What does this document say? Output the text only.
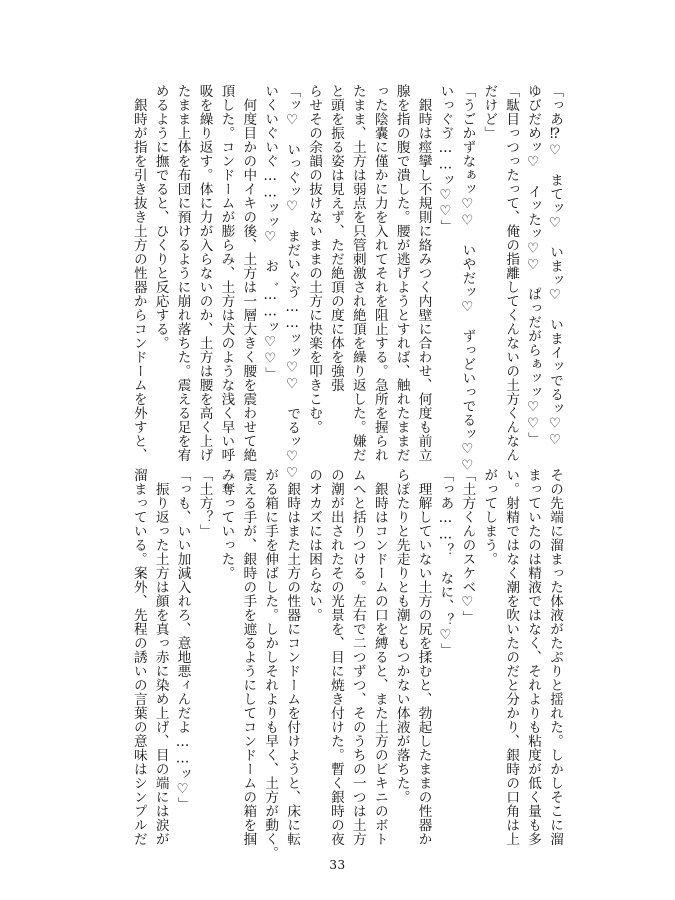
「っあ⁉︎♡　まてッ♡　いまッ♡　いまイッでるッ♡♡

ゆびだめッ♡　イッたッ♡♡　ぱっだがらぁッッ♡♡」

「駄目っつったって、俺の指離してくんないの土方くんなん

だけど」

「うごかずなぁッ♡♡　いやだッ♡　ずっどいっでるッ♡♡

いっぐゔ……ッ♡♡」

　銀時は痙攣し不規則に絡みつく内壁に合わせ、何度も前立

腺を指の腹で潰した。腰が逃げようとすれば、触れたままだ

った陰嚢に僅かに力を入れてそれを阻止する。急所を握られ

たまま、土方は弱点を只管刺激され絶頂を繰り返した。嫌だ

と頭を振る姿は見えず、ただ絶頂の度に体を強張

らせその余韻の抜けないままの土方に快楽を叩きこむ。

「ッ♡　いっぐッ♡　まだいぐゔ……ッッ♡♡　でるッ♡♡

いくいぐいぐ……ッッ♡　お゛……ッ♡♡」

　何度目かの中イキの後、土方は一層大きく腰を震わせて絶

頂した。コンドームが膨らみ、土方は犬のような浅く早い呼

吸を繰り返す。体に力が入らないのか、土方は腰を高く上げ

たまま上体を布団に預けるように崩れ落ちた。震える足を宥

めるように撫でると、ひくりと反応する。

　銀時が指を引き抜き土方の性器からコンドームを外すと、

その先端に溜まった体液がたぷりと揺れた。しかしそこに溜

まっていたのは精液ではなく、それよりも粘度が低く量も多

い。射精ではなく潮を吹いたのだと分かり、銀時の口角は上

がってしまう。

「土方くんのスケベ♡」

「っあ……？　なに、？♡」

　理解していない土方の尻を揉むと、勃起したままの性器か

らぽたりと先走りとも潮ともつかない体液が落ちた。

　銀時はコンドームの口を縛ると、また土方のビキニのボト

ムへと括りつける。左右で二つずつ、そのうちの一つは土方

の潮が出されたその光景を、目に焼き付けた。暫く銀時の夜

のオカズには困らない。

　銀時はまた土方の性器にコンドームを付けようと、床に転

がる箱に手を伸ばした。しかしそれよりも早く、土方が動く。

震える手が、銀時の手を遮るようにしてコンドームの箱を掴

み奪っていった。

「土方？」

「っも、いい加減入れろ、意地悪ィんだよ……ッ♡」

　振り返った土方は顔を真っ赤に染め上げ、目の端には涙が

溜まっている。案外、先程の誘いの言葉の意味はシンプルだ

33
